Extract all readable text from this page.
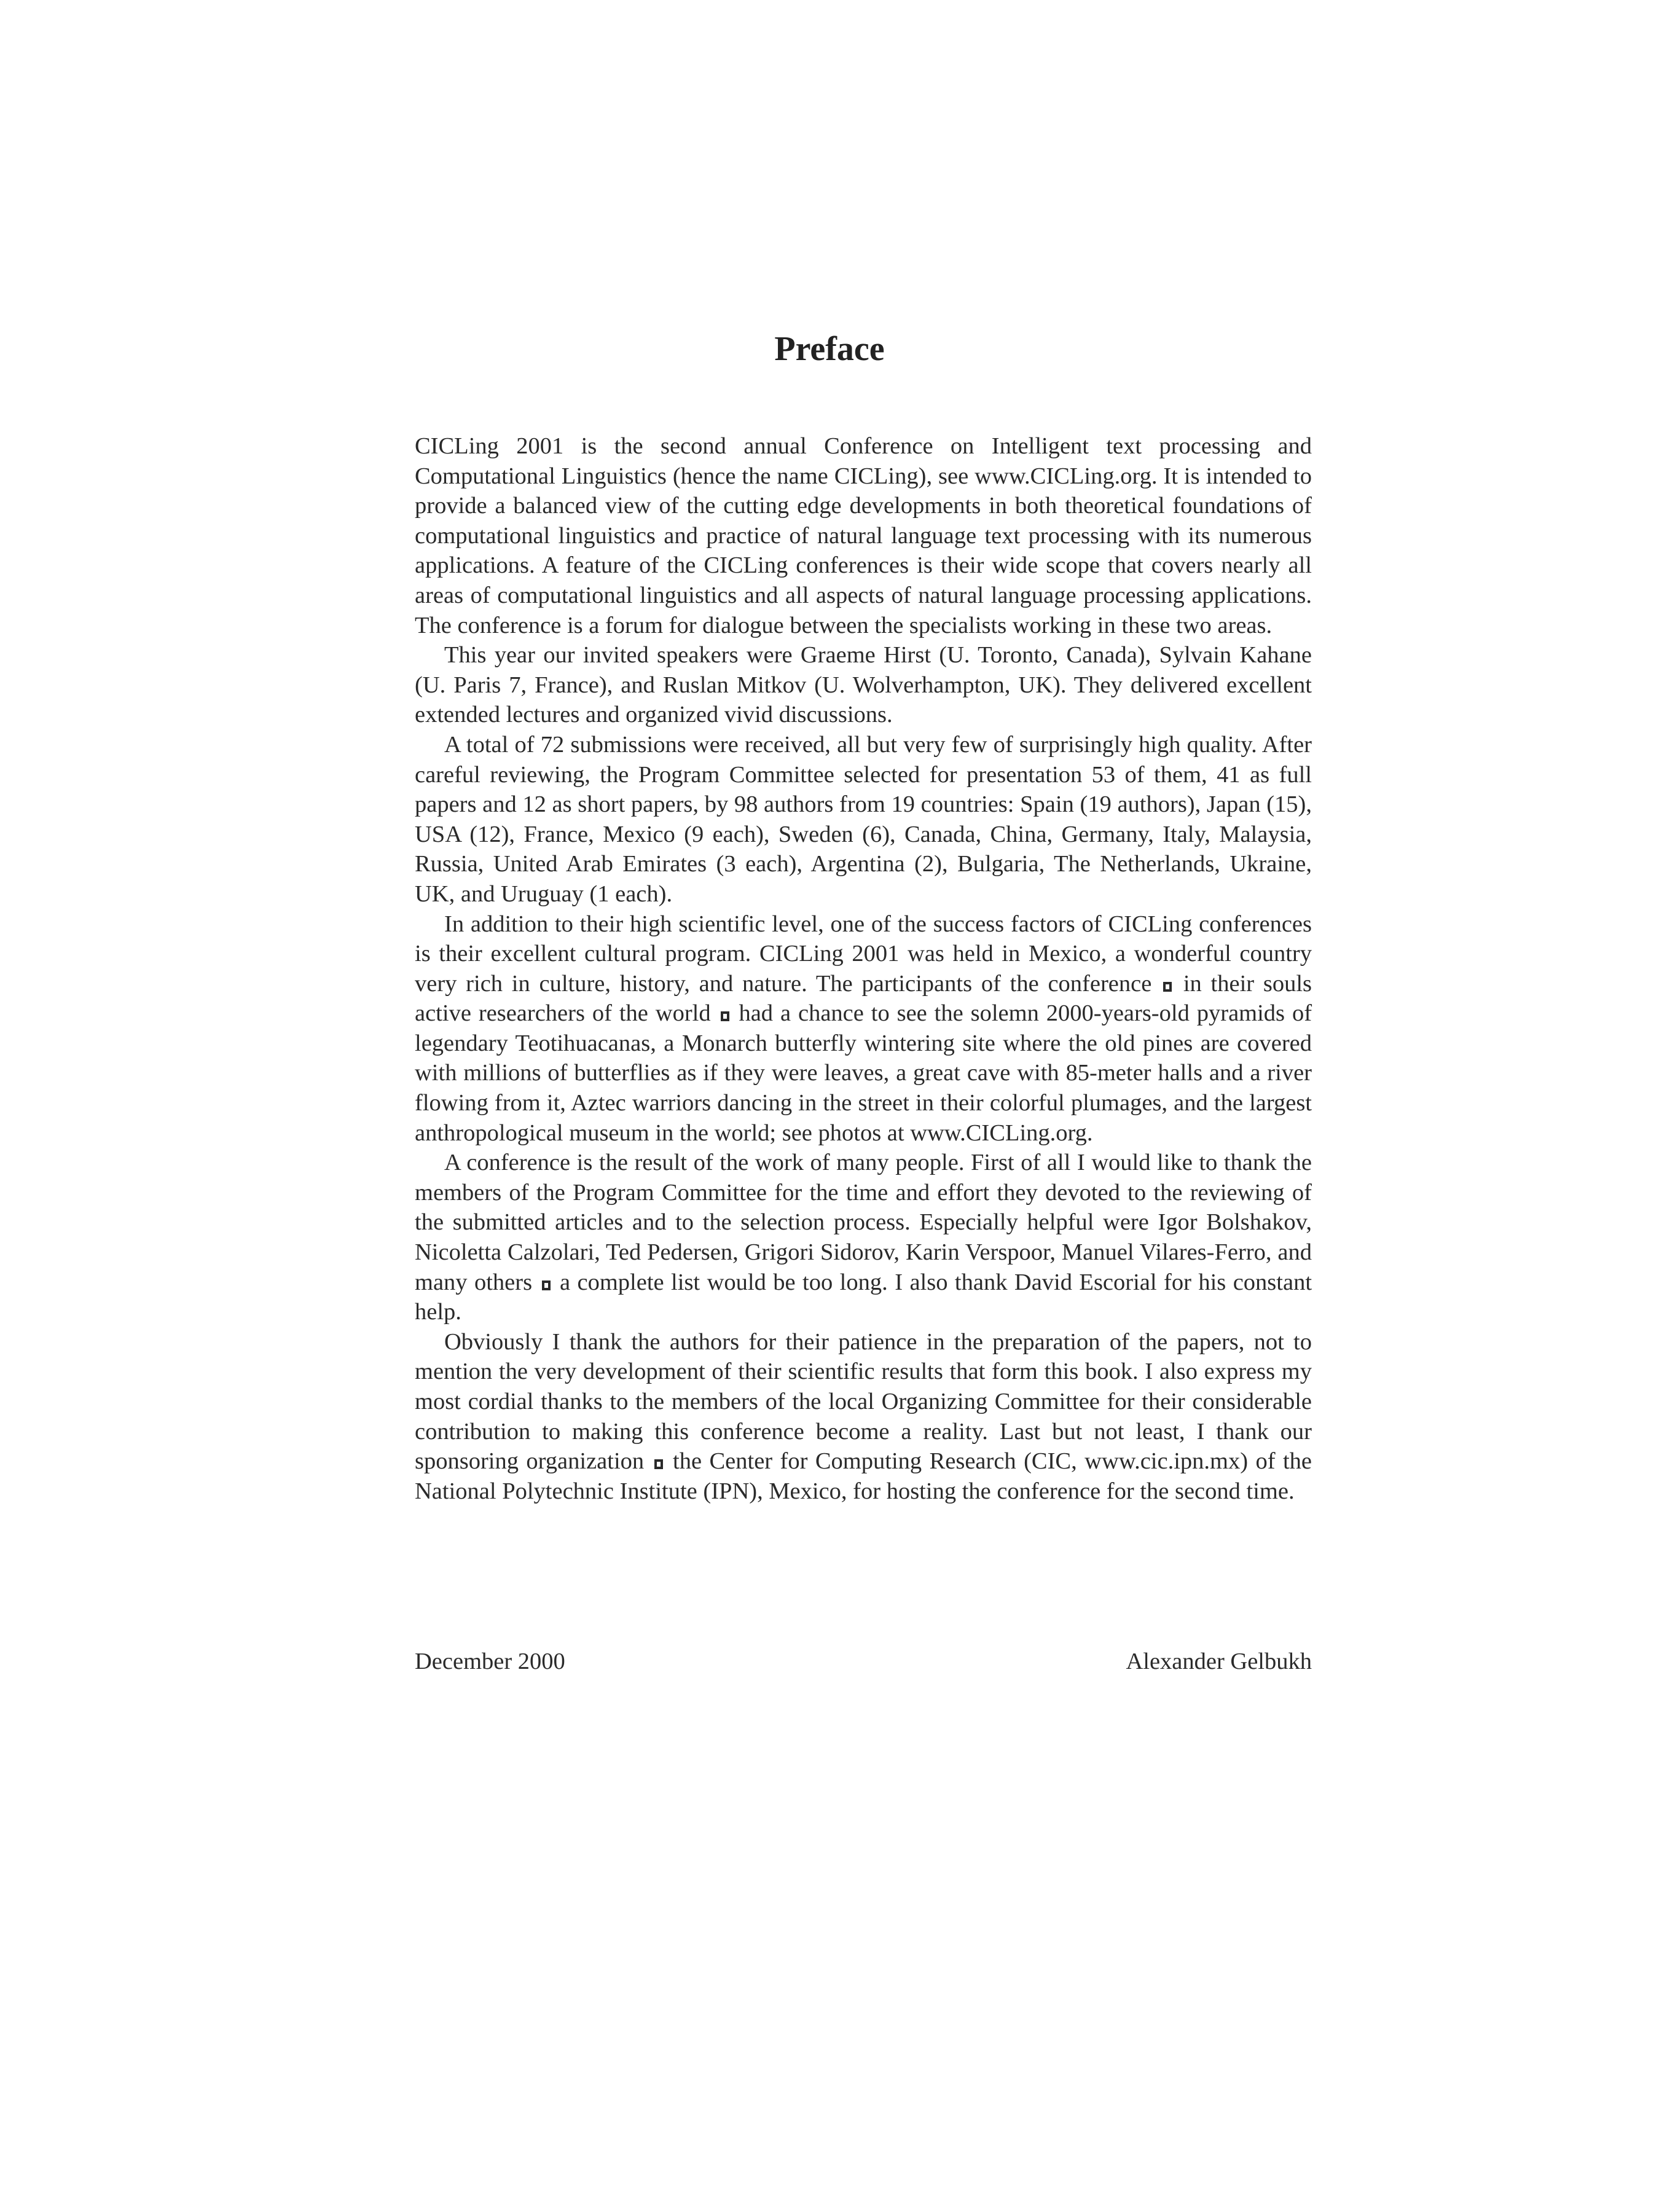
Preface

CICLing 2001 is the second annual Conference on Intelligent text processing and Computational Linguistics (hence the name CICLing), see www.CICLing.org. It is intended to provide a balanced view of the cutting edge developments in both theoretical foundations of computational linguistics and practice of natural language text processing with its numerous applications. A feature of the CICLing conferences is their wide scope that covers nearly all areas of computational linguistics and all aspects of natural language processing applications. The conference is a forum for dialogue between the specialists working in these two areas.

This year our invited speakers were Graeme Hirst (U. Toronto, Canada), Sylvain Kahane (U. Paris 7, France), and Ruslan Mitkov (U. Wolverhampton, UK). They delivered excellent extended lectures and organized vivid discussions.

A total of 72 submissions were received, all but very few of surprisingly high quality. After careful reviewing, the Program Committee selected for presentation 53 of them, 41 as full papers and 12 as short papers, by 98 authors from 19 countries: Spain (19 authors), Japan (15), USA (12), France, Mexico (9 each), Sweden (6), Canada, China, Germany, Italy, Malaysia, Russia, United Arab Emirates (3 each), Argentina (2), Bulgaria, The Netherlands, Ukraine, UK, and Uruguay (1 each).

In addition to their high scientific level, one of the success factors of CICLing conferences is their excellent cultural program. CICLing 2001 was held in Mexico, a wonderful country very rich in culture, history, and nature. The participants of the conference in their souls active researchers of the world had a chance to see the solemn 2000-years-old pyramids of legendary Teotihuacanas, a Monarch butterfly wintering site where the old pines are covered with millions of butterflies as if they were leaves, a great cave with 85-meter halls and a river flowing from it, Aztec warriors dancing in the street in their colorful plumages, and the largest anthropological museum in the world; see photos at www.CICLing.org.

A conference is the result of the work of many people. First of all I would like to thank the members of the Program Committee for the time and effort they devoted to the reviewing of the submitted articles and to the selection process. Especially helpful were Igor Bolshakov, Nicoletta Calzolari, Ted Pedersen, Grigori Sidorov, Karin Verspoor, Manuel Vilares-Ferro, and many others a complete list would be too long. I also thank David Escorial for his constant help.

Obviously I thank the authors for their patience in the preparation of the papers, not to mention the very development of their scientific results that form this book. I also express my most cordial thanks to the members of the local Organizing Committee for their considerable contribution to making this conference become a reality. Last but not least, I thank our sponsoring organization the Center for Computing Research (CIC, www.cic.ipn.mx) of the National Polytechnic Institute (IPN), Mexico, for hosting the conference for the second time.

December 2000	Alexander Gelbukh
